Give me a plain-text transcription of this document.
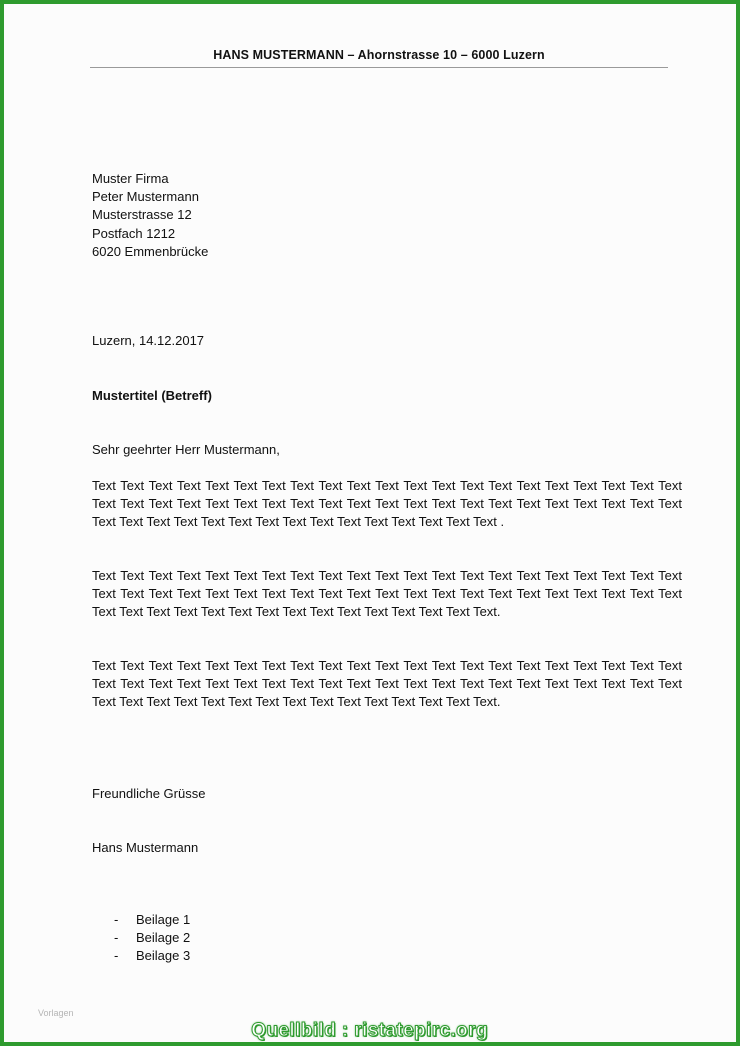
HANS MUSTERMANN – Ahornstrasse 10 – 6000 Luzern
Muster Firma
Peter Mustermann
Musterstrasse 12
Postfach 1212
6020 Emmenbrücke
Luzern, 14.12.2017
Mustertitel (Betreff)
Sehr geehrter Herr Mustermann,
Text Text Text Text Text Text Text Text Text Text Text Text Text Text Text Text Text Text Text Text Text Text Text Text Text Text Text Text Text Text Text Text Text Text Text Text Text Text Text Text Text Text Text Text Text Text Text Text Text Text Text Text Text Text Text Text Text .
Text Text Text Text Text Text Text Text Text Text Text Text Text Text Text Text Text Text Text Text Text Text Text Text Text Text Text Text Text Text Text Text Text Text Text Text Text Text Text Text Text Text Text Text Text Text Text Text Text Text Text Text Text Text Text Text Text.
Text Text Text Text Text Text Text Text Text Text Text Text Text Text Text Text Text Text Text Text Text Text Text Text Text Text Text Text Text Text Text Text Text Text Text Text Text Text Text Text Text Text Text Text Text Text Text Text Text Text Text Text Text Text Text Text Text.
Freundliche Grüsse
Hans Mustermann
-	Beilage 1
-	Beilage 2
-	Beilage 3
Vorlagen
Quellbild : ristatepirc.org
